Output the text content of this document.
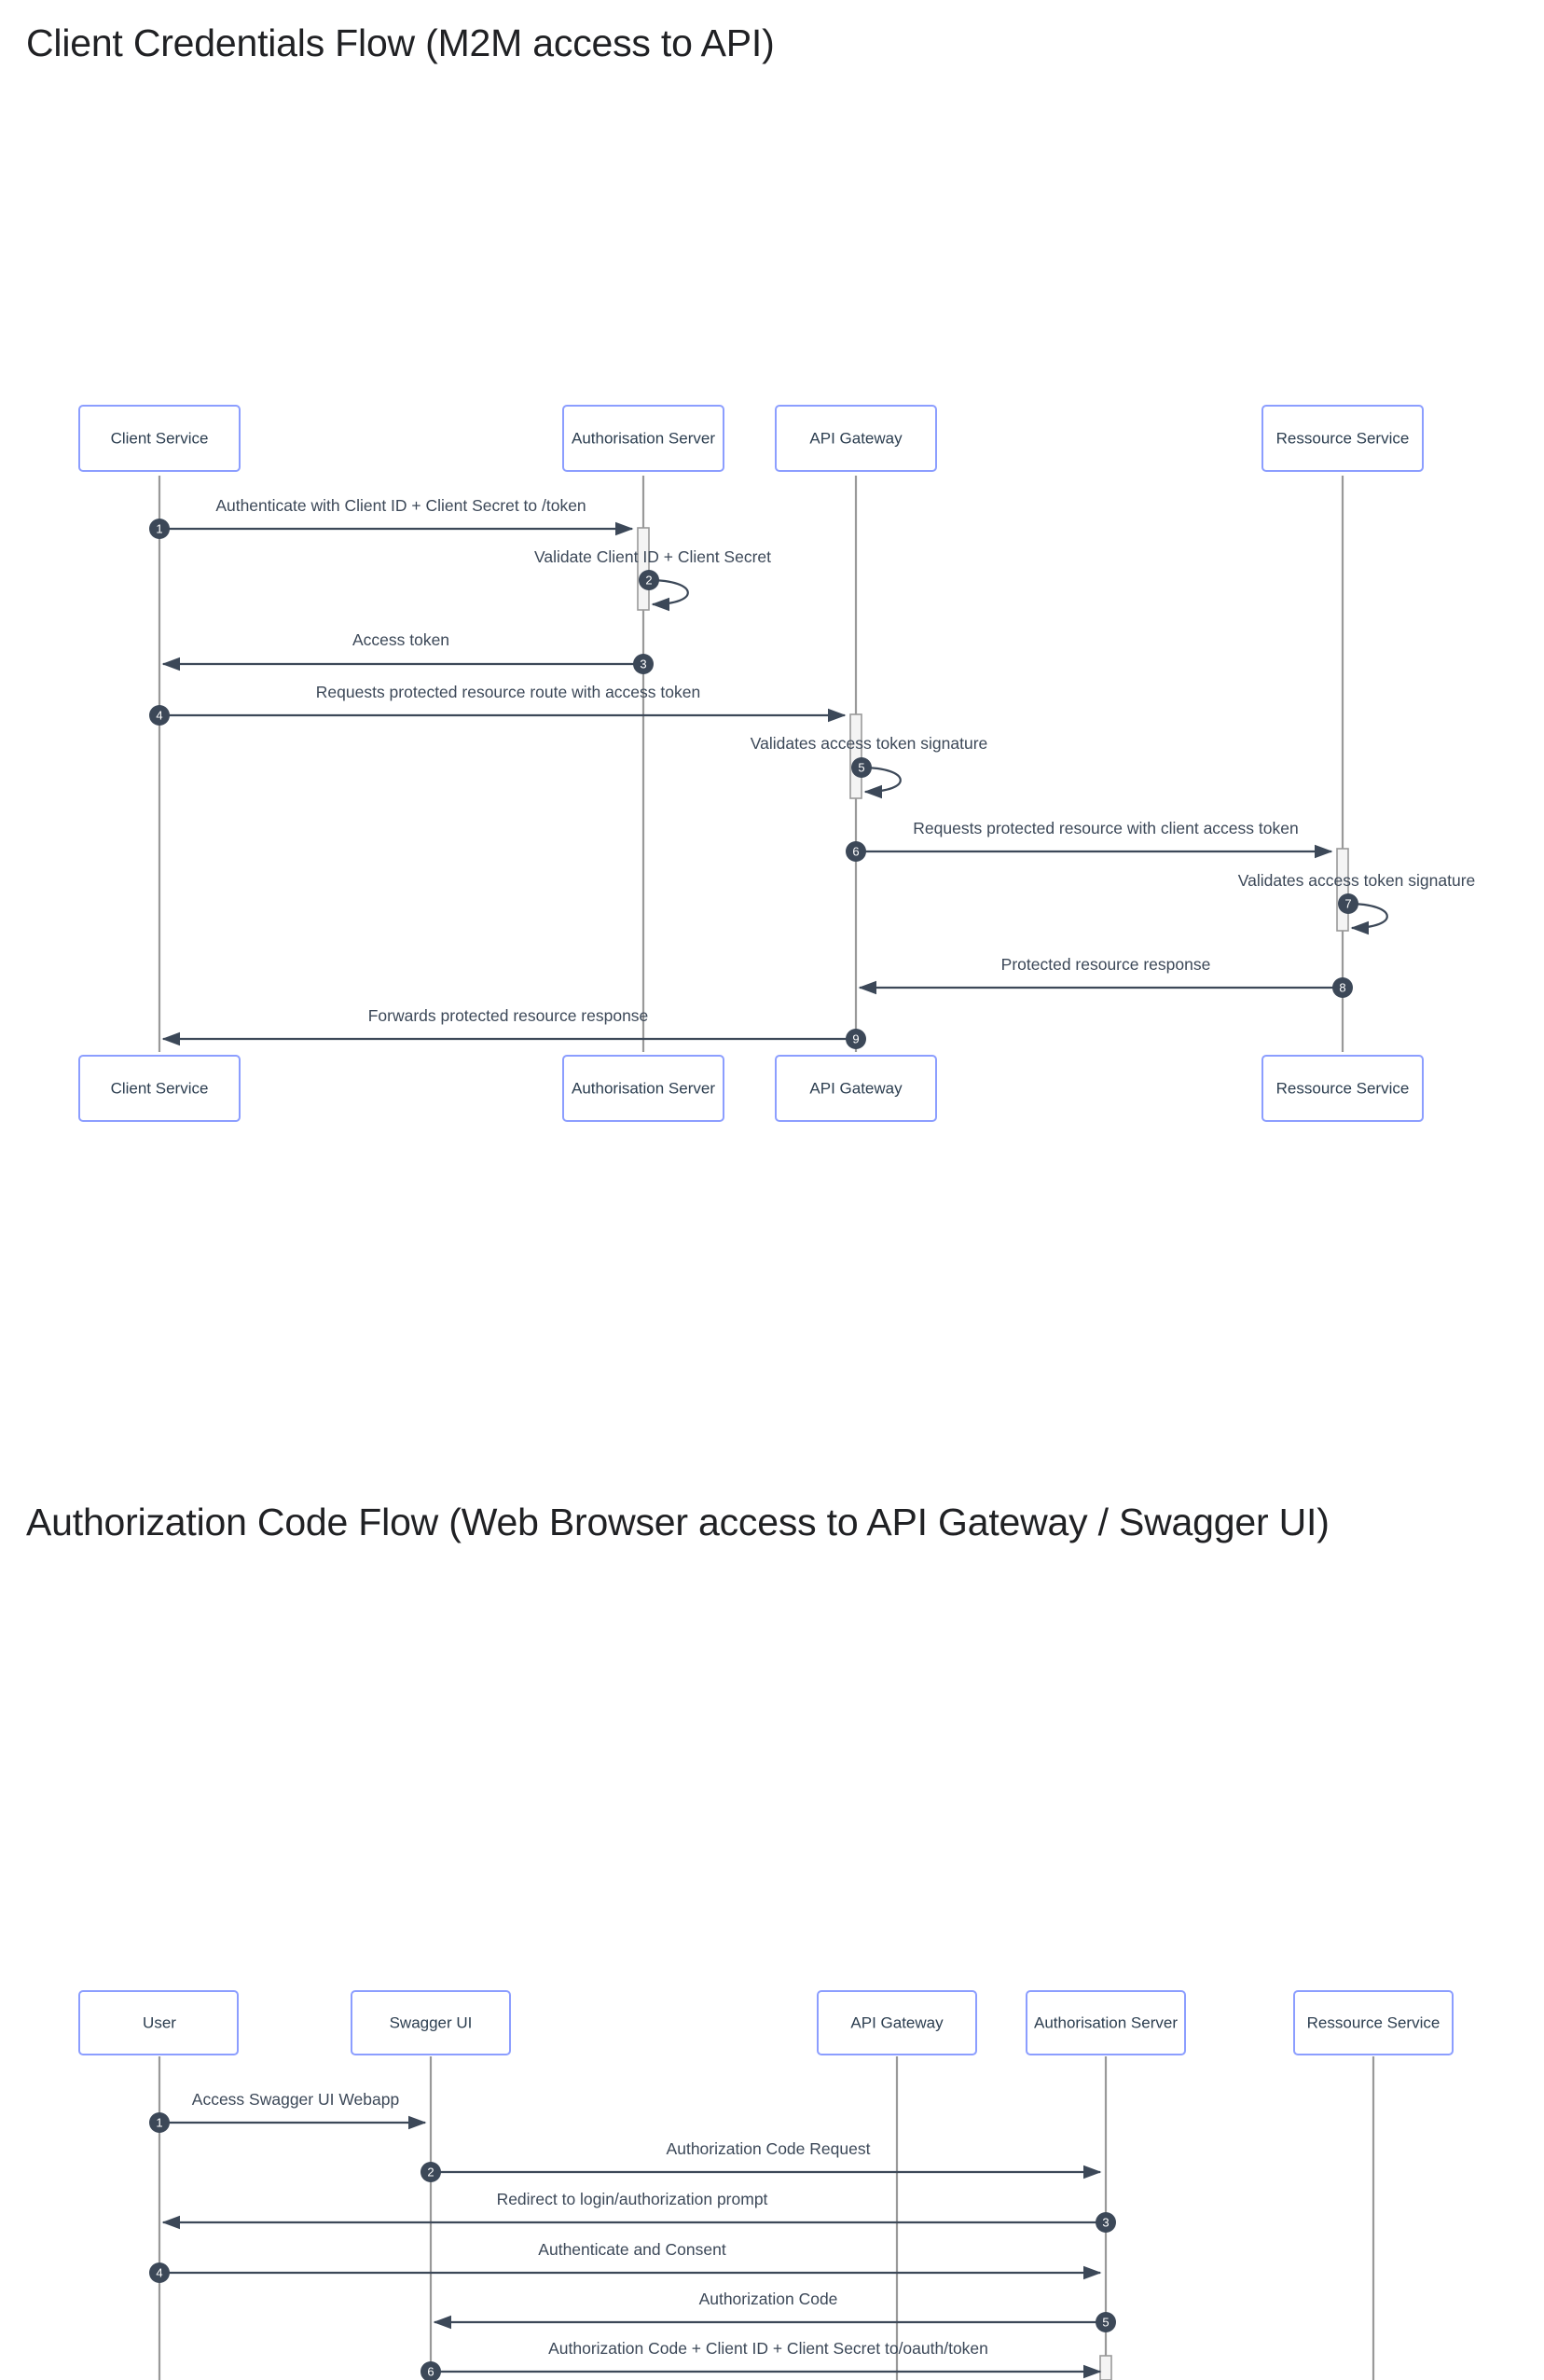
Client Credentials Flow (M2M access to API)
Client Service	Authorisation Server	API Gateway	Ressource Service
Authenticate with Client ID + Client Secret to /token
1
Validate Client ID + Client Secret
2
Access token
3
Requests protected resource route with access token
4
Validates access token signature
5
Requests protected resource with client access token
6
Validates access token signature
7
Protected resource response
8
Forwards protected resource response
9
Client Service	Authorisation Server	API Gateway	Ressource Service
Authorization Code Flow (Web Browser access to API Gateway / Swagger UI)
User	Swagger UI	API Gateway	Authorisation Server	Ressource Service
Access Swagger UI Webapp
1
Authorization Code Request
2
Redirect to login/authorization prompt
3
Authenticate and Consent
4
Authorization Code
5
Authorization Code + Client ID + Client Secret to/oauth/token
6
